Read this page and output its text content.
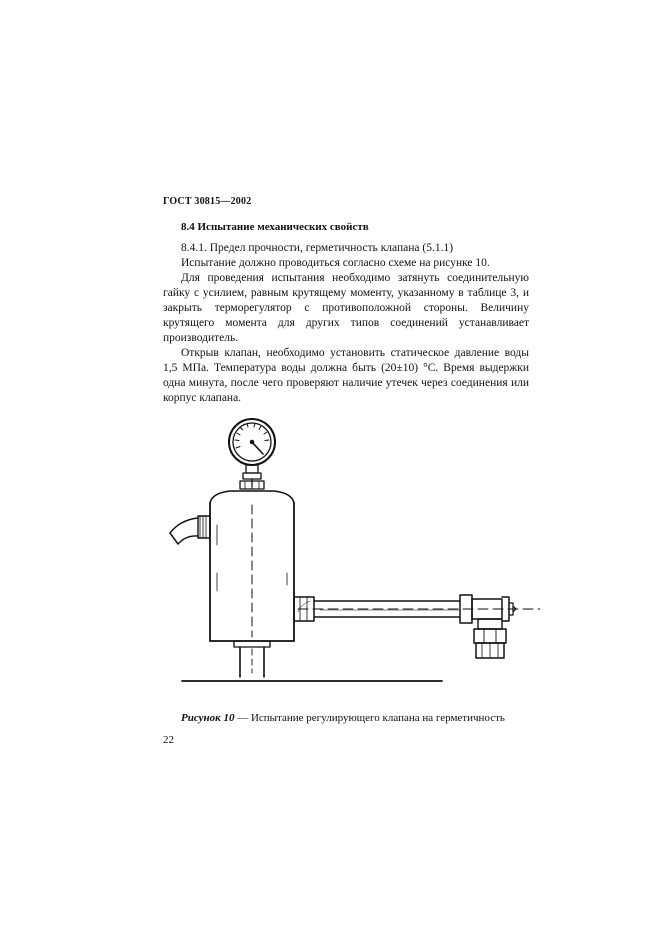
ГОСТ 30815—2002
8.4 Испытание механических свойств

8.4.1. Предел прочности, герметичность клапана (5.1.1)

Испытание должно проводиться согласно схеме на рисунке 10.

Для проведения испытания необходимо затянуть соединительную гайку с усилием, равным крутящему моменту, указанному в таблице 3, и закрыть терморегулятор с противоположной стороны. Величину крутящего момента для других типов соединений устанавливает производитель.

Открыв клапан, необходимо установить статическое давление воды 1,5 МПа. Температура воды должна быть (20±10) °С. Время выдержки одна минута, после чего проверяют наличие утечек через соединения или корпус клапана.

Рисунок 10 — Испытание регулирующего клапана на герметичность
22
